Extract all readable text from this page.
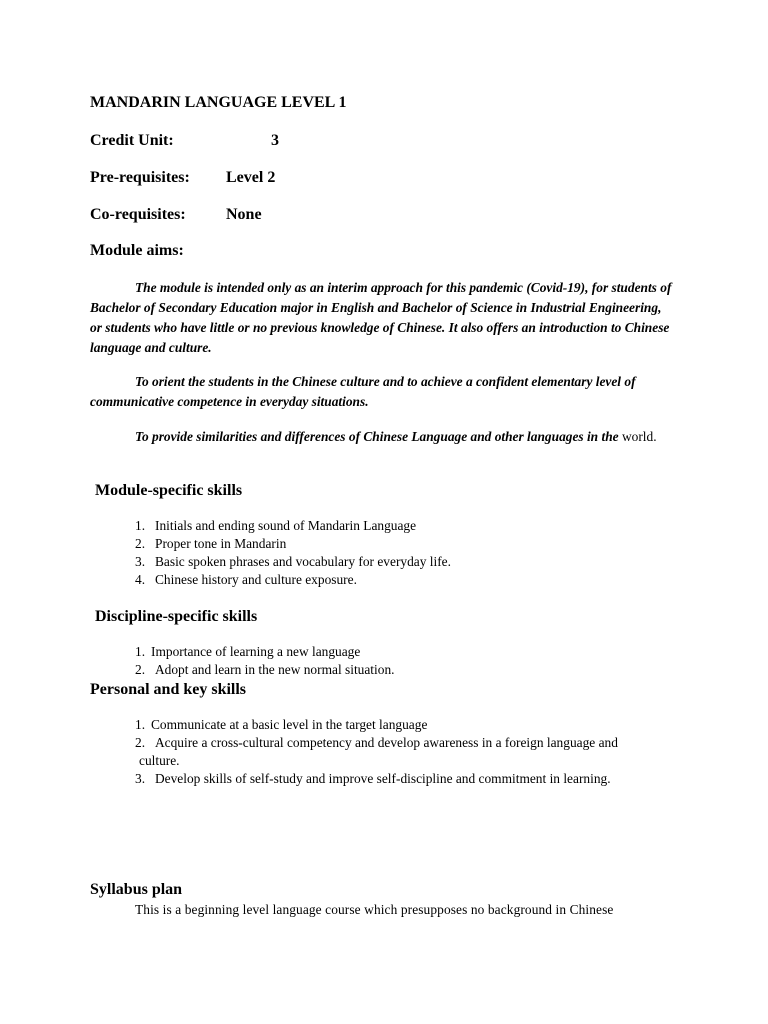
MANDARIN LANGUAGE LEVEL 1
Credit Unit:	3
Pre-requisites: Level 2
Co-requisites:	None
Module aims:
The module is intended only as an interim approach for this pandemic (Covid-19), for students of Bachelor of Secondary Education major in English and Bachelor of Science in Industrial Engineering, or students who have little or no previous knowledge of Chinese. It also offers an introduction to Chinese language and culture.
To orient the students in the Chinese culture and to achieve a confident elementary level of communicative competence in everyday situations.
To provide similarities and differences of Chinese Language and other languages in the world.
Module-specific skills
1. Initials and ending sound of Mandarin Language
2. Proper tone in Mandarin
3. Basic spoken phrases and vocabulary for everyday life.
4. Chinese history and culture exposure.
Discipline-specific skills
1. Importance of learning a new language
2. Adopt and learn in the new normal situation.
Personal and key skills
1. Communicate at a basic level in the target language
2. Acquire a cross-cultural competency and develop awareness in a foreign language and
culture.
3. Develop skills of self-study and improve self-discipline and commitment in learning.
Syllabus plan
This is a beginning level language course which presupposes no background in Chinese
